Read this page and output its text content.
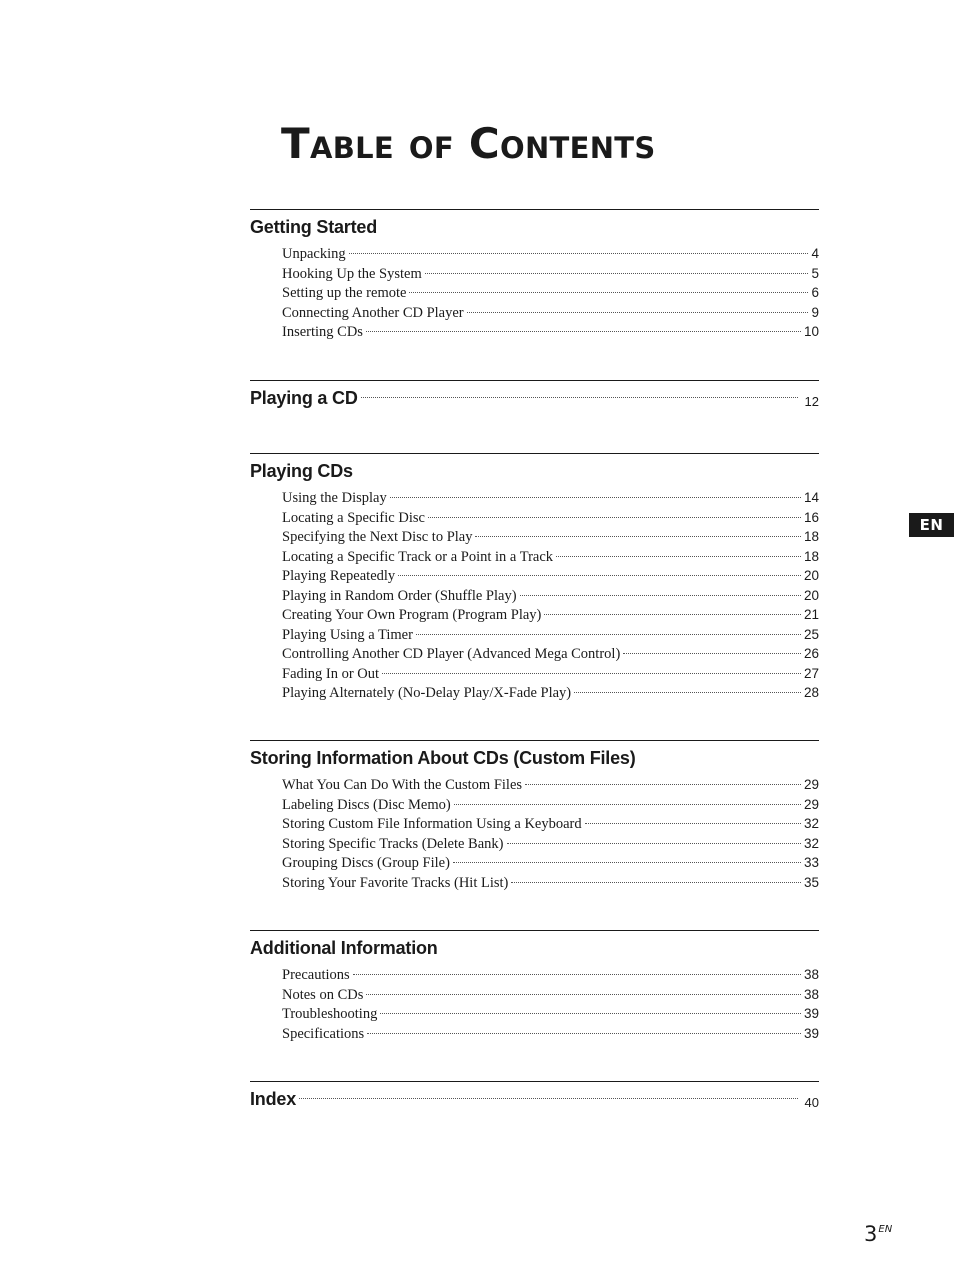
Table of Contents
Getting Started
Unpacking	4
Hooking Up the System	5
Setting up the remote	6
Connecting Another CD Player	9
Inserting CDs	10
Playing a CD	12
Playing CDs
Using the Display	14
Locating a Specific Disc	16
Specifying the Next Disc to Play	18
Locating a Specific Track or a Point in a Track	18
Playing Repeatedly	20
Playing in Random Order (Shuffle Play)	20
Creating Your Own Program (Program Play)	21
Playing Using a Timer	25
Controlling Another CD Player (Advanced Mega Control)	26
Fading In or Out	27
Playing Alternately (No-Delay Play/X-Fade Play)	28
Storing Information About CDs (Custom Files)
What You Can Do With the Custom Files	29
Labeling Discs (Disc Memo)	29
Storing Custom File Information Using a Keyboard	32
Storing Specific Tracks (Delete Bank)	32
Grouping Discs (Group File)	33
Storing Your Favorite Tracks (Hit List)	35
Additional Information
Precautions	38
Notes on CDs	38
Troubleshooting	39
Specifications	39
Index	40
EN
$3^{EN}$
